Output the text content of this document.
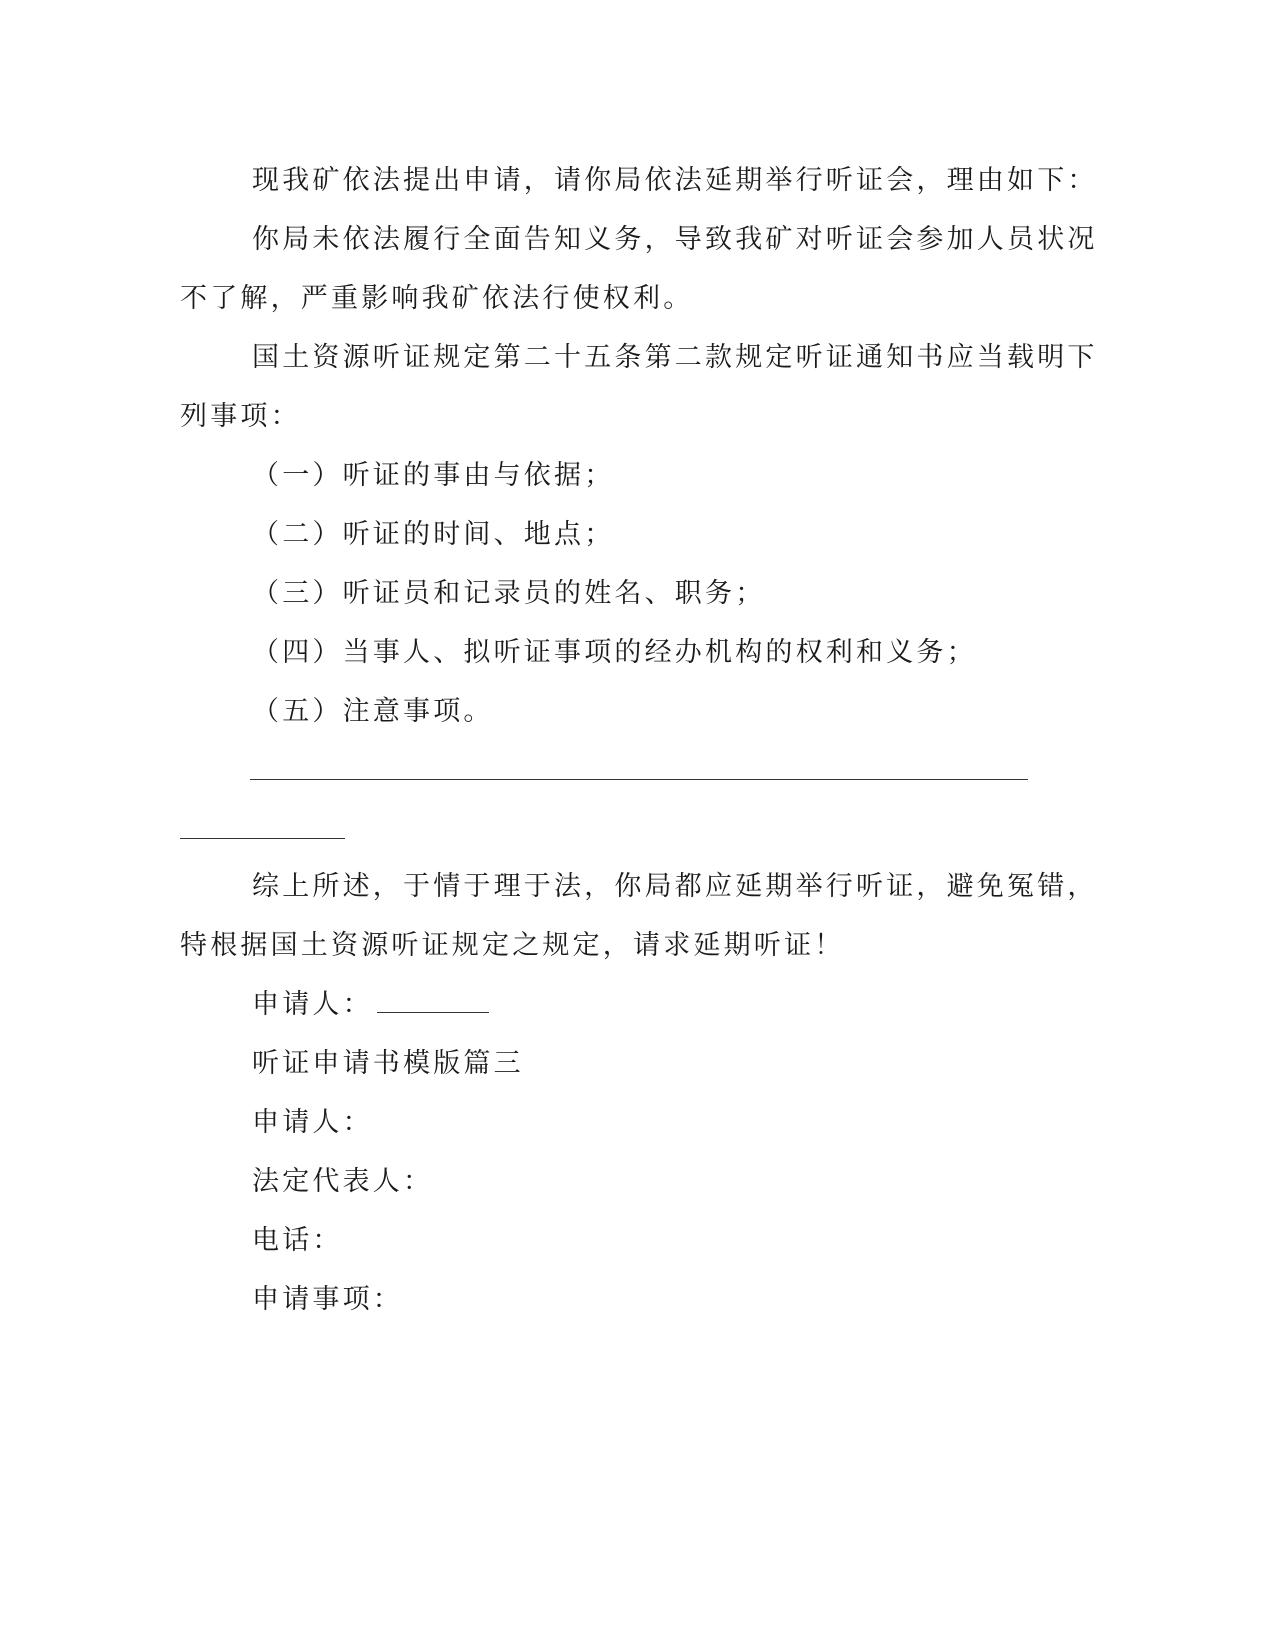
现我矿依法提出申请，请你局依法延期举行听证会，理由如下：
你局未依法履行全面告知义务，导致我矿对听证会参加人员状况
不了解，严重影响我矿依法行使权利。
国土资源听证规定第二十五条第二款规定听证通知书应当载明下
列事项：
（一）听证的事由与依据；
（二）听证的时间、地点；
（三）听证员和记录员的姓名、职务；
（四）当事人、拟听证事项的经办机构的权利和义务；
（五）注意事项。
综上所述，于情于理于法，你局都应延期举行听证，避免冤错，
特根据国土资源听证规定之规定，请求延期听证！
申请人：
听证申请书模版篇三
申请人：
法定代表人：
电话：
申请事项：
